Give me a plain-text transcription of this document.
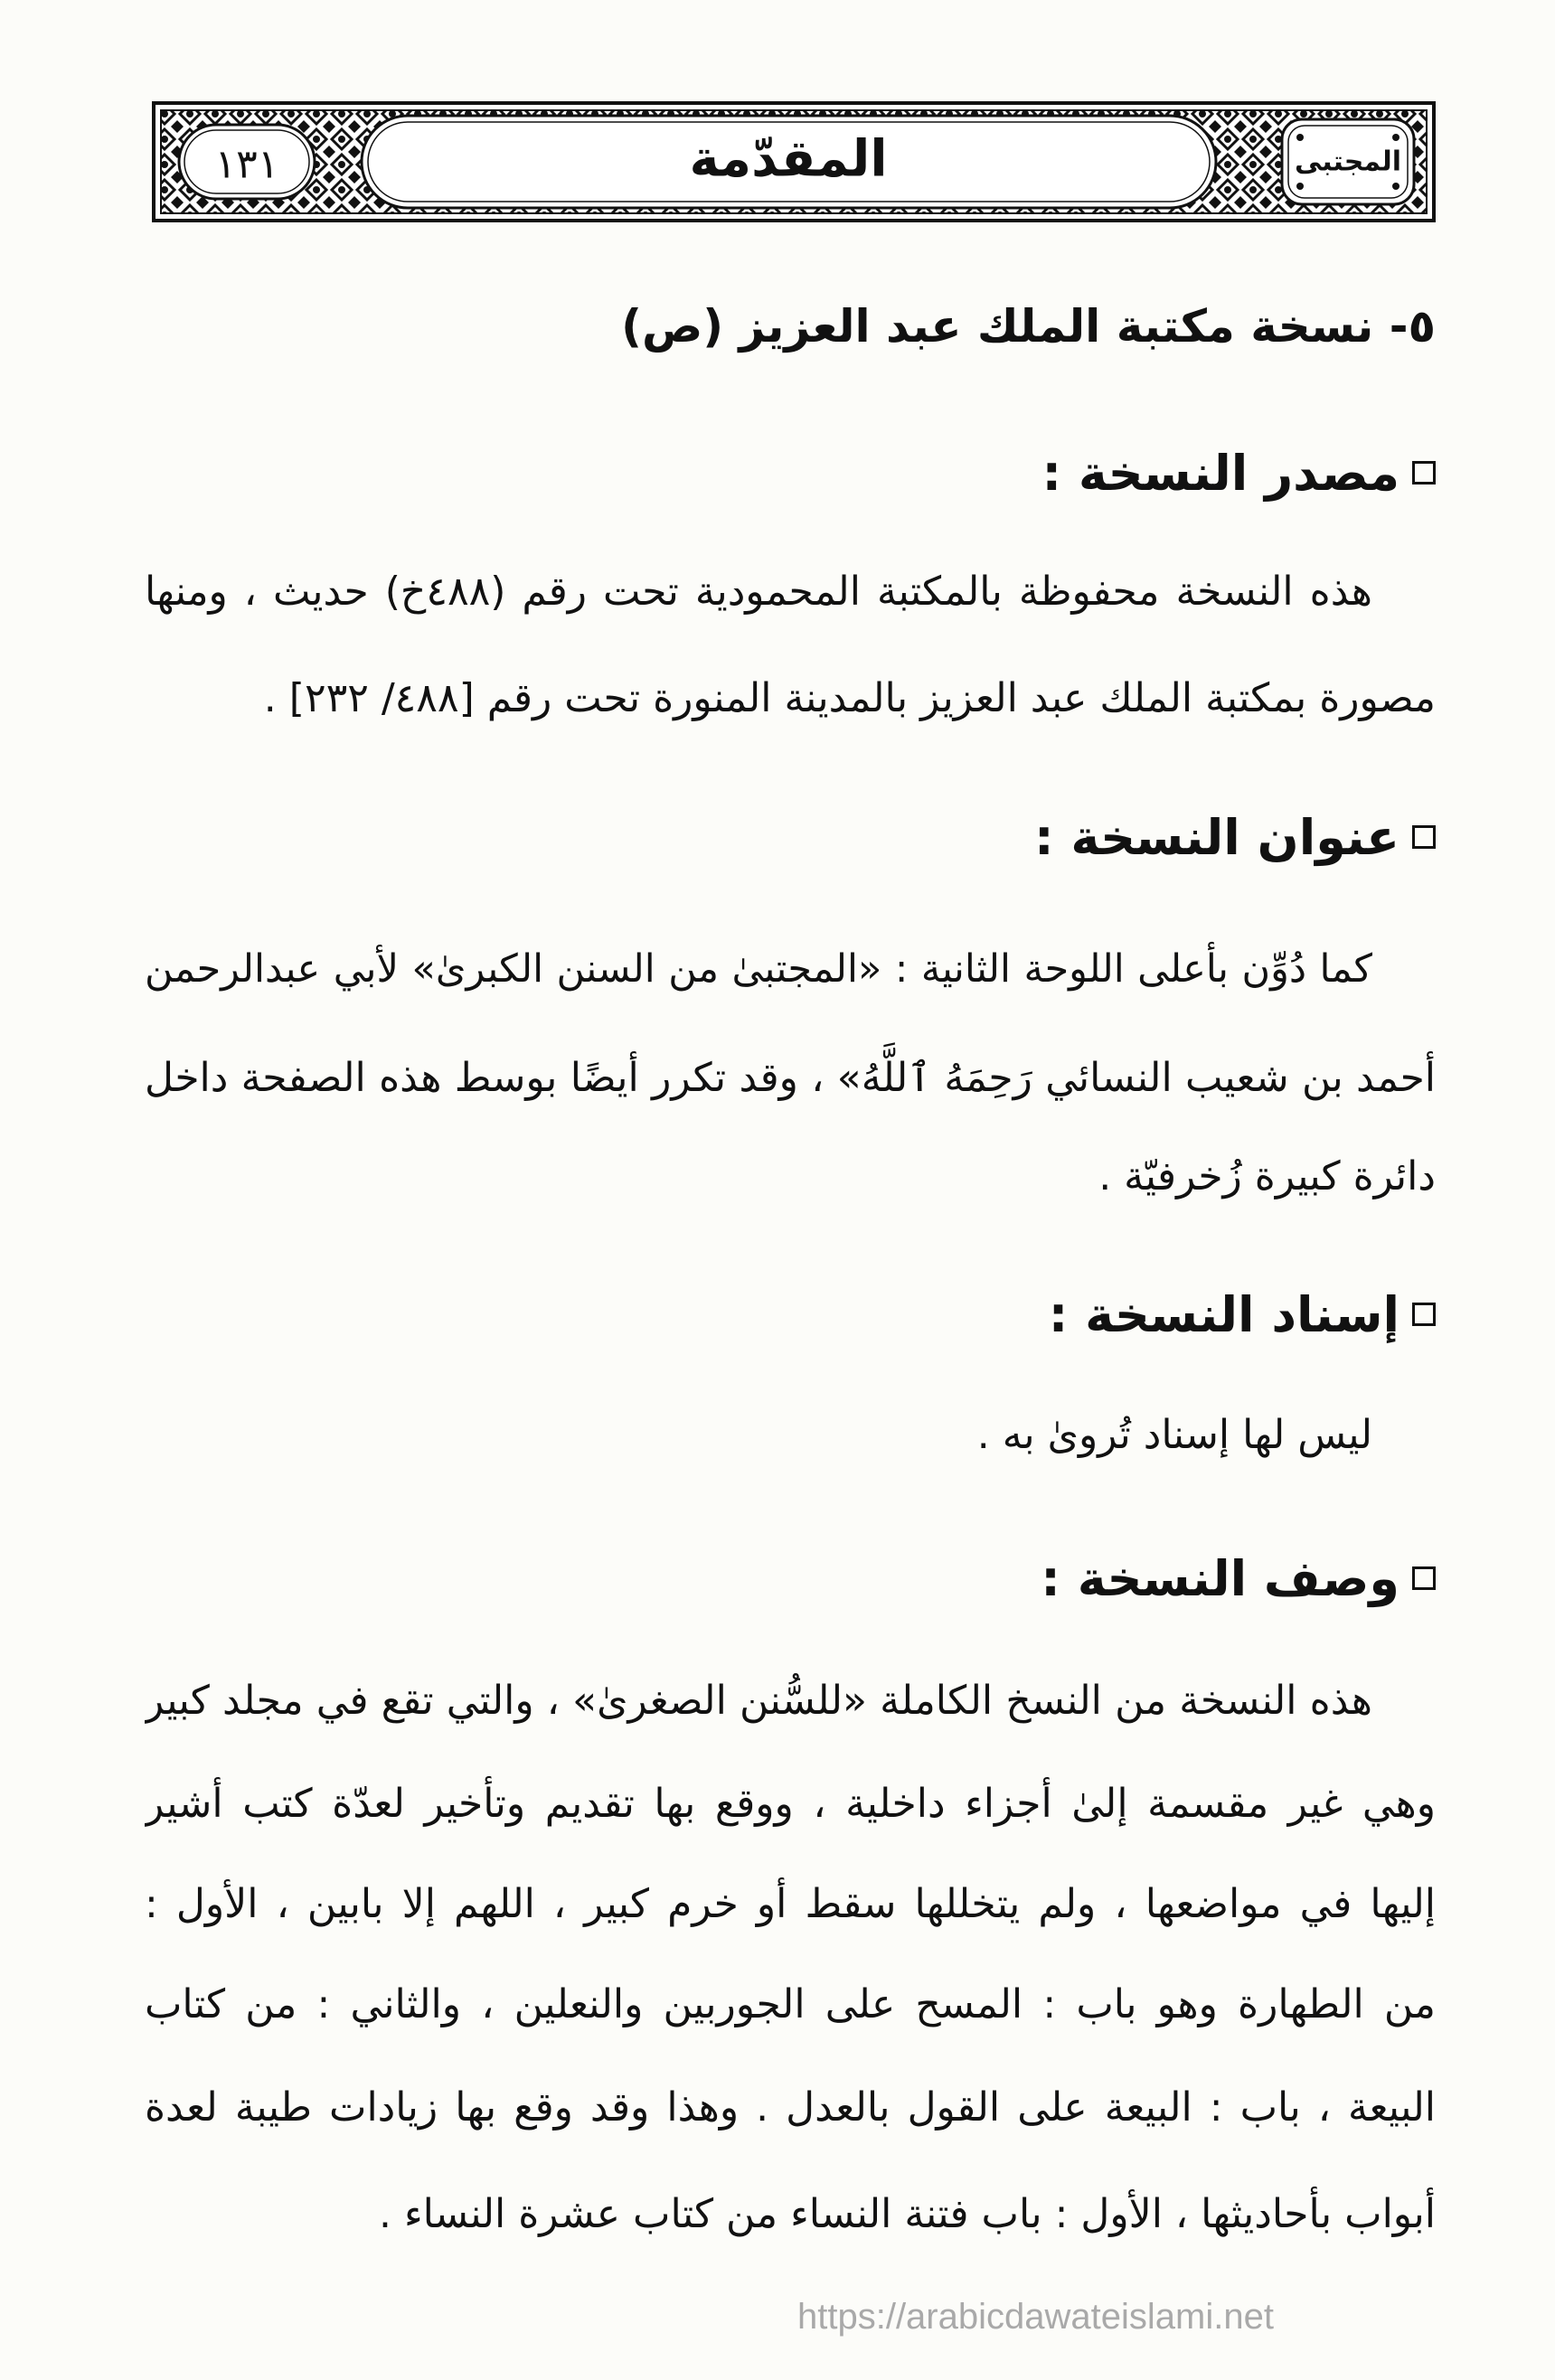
١٣١	المقدّمة	المجتبى
٥- نسخة مكتبة الملك عبد العزيز (ص)
مصدر النسخة :
هذه النسخة محفوظة بالمكتبة المحمودية تحت رقم (٤٨٨خ) حديث ، ومنها
مصورة بمكتبة الملك عبد العزيز بالمدينة المنورة تحت رقم [٤٨٨/ ٢٣٢] .
عنوان النسخة :
كما دُوِّن بأعلى اللوحة الثانية : «المجتبىٰ من السنن الكبرىٰ» لأبي عبدالرحمن
أحمد بن شعيب النسائي رَحِمَهُ ٱللَّهُ» ، وقد تكرر أيضًا بوسط هذه الصفحة داخل
دائرة كبيرة زُخرفيّة .
إسناد النسخة :
ليس لها إسناد تُروىٰ به .
وصف النسخة :
هذه النسخة من النسخ الكاملة «للسُّنن الصغرىٰ» ، والتي تقع في مجلد كبير
وهي غير مقسمة إلىٰ أجزاء داخلية ، ووقع بها تقديم وتأخير لعدّة كتب أشير
إليها في مواضعها ، ولم يتخللها سقط أو خرم كبير ، اللهم إلا بابين ، الأول :
من الطهارة وهو باب : المسح على الجوربين والنعلين ، والثاني : من كتاب
البيعة ، باب : البيعة على القول بالعدل . وهذا وقد وقع بها زيادات طيبة لعدة
أبواب بأحاديثها ، الأول : باب فتنة النساء من كتاب عشرة النساء .
https://arabicdawateislami.net
